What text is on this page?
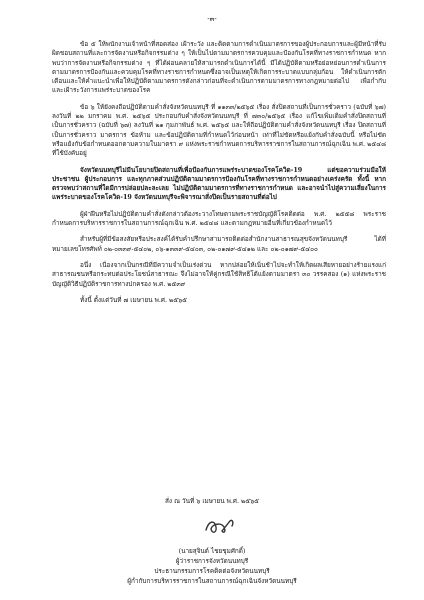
-๓-

ข้อ ๕ ให้พนักงานเจ้าหน้าที่สอดส่อง เฝ้าระวัง และติดตามการดำเนินมาตรการของผู้ประกอบการและผู้มีหน้าที่รับผิดชอบสถานที่และการจัดงานหรือกิจกรรมต่าง ๆ ให้เป็นไปตามมาตรการควบคุมและป้องกันโรคที่ทางราชการกำหนด หากพบว่าการจัดงานหรือกิจกรรมต่าง ๆ ที่ได้ผ่อนคลายให้สามารถดำเนินการได้นี้ มีได้ปฏิบัติตามหรือย่อหย่อนการดำเนินการตามมาตรการป้องกันและควบคุมโรคที่ทางราชการกำหนดซึ่งอาจเป็นเหตุให้เกิดการระบาดแบบกลุ่มก้อน ให้ดำเนินการตักเตือนและให้คำแนะนำเพื่อให้ปฏิบัติตามมาตรการดังกล่าวก่อนที่จะดำเนินการตามมาตรการทางกฎหมายต่อไป เพื่อกำกับและเฝ้าระวังการแพร่ระบาดของโรค

ข้อ ๖ ให้ยังคงถือปฏิบัติตามคำสั่งจังหวัดนนทบุรี ที่ ๑๑๓๓/๒๕๖๕ เรื่อง สั่งปิดสถานที่เป็นการชั่วคราว (ฉบับที่ ๖๗) ลงวันที่ ๒๒ มกราคม พ.ศ. ๒๕๖๕ ประกอบกับคำสั่งจังหวัดนนทบุรี ที่ ๗๓๐/๒๕๖๕ เรื่อง แก้ไขเพิ่มเติมคำสั่งปิดสถานที่เป็นการชั่วคราว (ฉบับที่ ๖๗) ลงวันที่ ๒๑ กุมภาพันธ์ พ.ศ. ๒๕๖๕ และให้ถือปฏิบัติตามคำสั่งจังหวัดนนทบุรี เรื่อง ปิดสถานที่เป็นการชั่วคราว มาตรการ ข้อห้าม และข้อปฏิบัติตามที่กำหนดไว้ก่อนหน้า เท่าที่ไม่ขัดหรือแย้งกับคำสั่งฉบับนี้ หรือไม่ขัดหรือแย้งกับข้อกำหนดออกตามความในมาตรา ๙ แห่งพระราชกำหนดการบริหารราชการในสถานการณ์ฉุกเฉิน พ.ศ. ๒๕๔๘ ที่ใช้บังคับอยู่

จังหวัดนนทบุรีไม่มีนโยบายปิดสถานที่เพื่อป้องกันการแพร่ระบาดของโรคโควิด-19 แต่ขอความร่วมมือให้ประชาชน ผู้ประกอบการ และทุกภาคส่วนปฏิบัติตามมาตรการป้องกันโรคที่ทางราชการกำหนดอย่างเคร่งครัด ทั้งนี้ หากตรวจพบว่าสถานที่ใดมีการปล่อยปละละเลย ไม่ปฏิบัติตามมาตรการที่ทางราชการกำหนด และอาจนำไปสู่ความเสี่ยงในการแพร่ระบาดของโรคโควิด-19 จังหวัดนนทบุรีจะพิจารณาสั่งปิดเป็นรายสถานที่ต่อไป

ผู้ฝ่าฝืนหรือไม่ปฏิบัติตามคำสั่งดังกล่าวต้องระวางโทษตามพระราชบัญญัติโรคติดต่อ พ.ศ. ๒๕๕๘ พระราชกำหนดการบริหารราชการในสถานการณ์ฉุกเฉิน พ.ศ. ๒๕๔๘ และตามกฎหมายอื่นที่เกี่ยวข้องกำหนดไว้

สำหรับผู้ที่มีข้อสงสัยหรือประสงค์ได้รับคำปรึกษาสามารถติดต่อสำนักงานสาธารณสุขจังหวัดนนทบุรี ได้ที่หมายเลขโทรศัพท์ ๐๒-๐๓๓๙-๕๔๐๒, ๐๖-๑๓๓๙-๕๔๐๓, ๐๒-๐๑๗๙-๕๔๑๒ และ ๐๒-๐๑๗๙-๕๔๐๐

อนึ่ง เนื่องจากเป็นกรณีที่มีความจำเป็นเร่งด่วน หากปล่อยให้เนิ่นช้าไปจะทำให้เกิดผลเสียหายอย่างร้ายแรงแก่สาธารณชนหรือกระทบต่อประโยชน์สาธารณะ จึงไม่อาจให้คู่กรณีใช้สิทธิโต้แย้งตามมาตรา ๓๐ วรรคสอง (๑) แห่งพระราชบัญญัติวิธีปฏิบัติราชการทางปกครอง พ.ศ. ๒๕๓๙

ทั้งนี้ ตั้งแต่วันที่ ๗ เมษายน พ.ศ. ๒๕๖๕

สั่ง ณ วันที่ ๖ เมษายน พ.ศ. ๒๕๖๕
(นายสุจินต์ ไชยชุมศักดิ์)
ผู้ว่าราชการจังหวัดนนทบุรี
ประธานกรรมการโรคติดต่อจังหวัดนนทบุรี
ผู้กำกับการบริหารราชการในสถานการณ์ฉุกเฉินจังหวัดนนทบุรี
